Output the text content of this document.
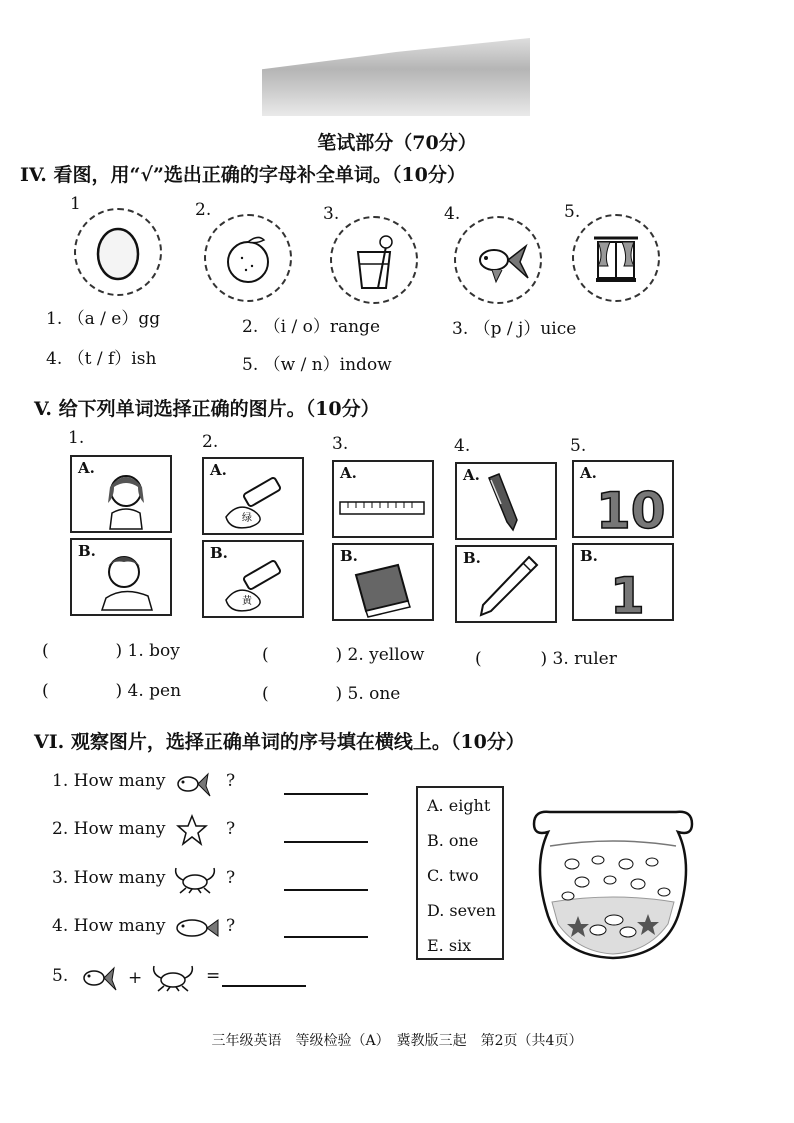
笔试部分（70分）
IV. 看图，用“√”选出正确的字母补全单词。（10分）
1	2.	3.	4.	5.
1. （a / e）gg	2. （i / o）range	3. （p / j）uice
4. （t / f）ish	5. （w / n）indow
V. 给下列单词选择正确的图片。（10分）
1.
A.
B.
2.
A.
绿
B.
黄
3.
A.
B.
4.
A.
B.
5.
A.
10
B.
1
(	) 1. boy	(	) 2. yellow	(	) 3. ruler
(	) 4. pen	(	) 5. one
VI. 观察图片，选择正确单词的序号填在横线上。（10分）
1. How many	?
2. How many	?
3. How many	?
4. How many	?
5.	+	=
A. eight
B. one
C. two
D. seven
E. six
三年级英语　等级检验（A）　冀教版三起　第2页（共4页）
